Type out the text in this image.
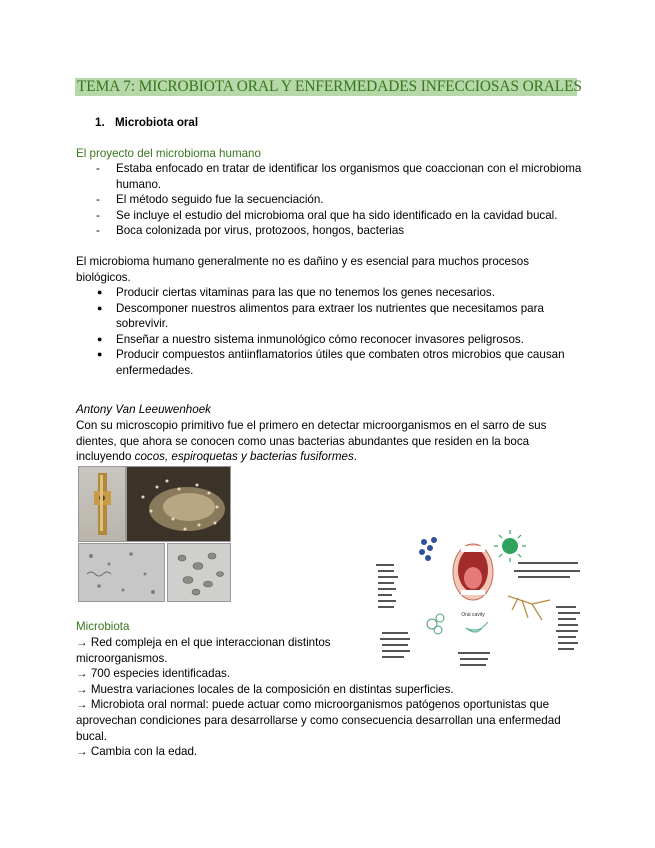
TEMA 7: MICROBIOTA ORAL Y ENFERMEDADES INFECCIOSAS ORALES
1. Microbiota oral
El proyecto del microbioma humano
- Estaba enfocado en tratar de identificar los organismos que coaccionan con el microbioma
humano.
- El método seguido fue la secuenciación.
- Se incluye el estudio del microbioma oral que ha sido identificado en la cavidad bucal.
- Boca colonizada por virus, protozoos, hongos, bacterias
El microbioma humano generalmente no es dañino y es esencial para muchos procesos
biológicos.
● Producir ciertas vitaminas para las que no tenemos los genes necesarios.
● Descomponer nuestros alimentos para extraer los nutrientes que necesitamos para
sobrevivir.
● Enseñar a nuestro sistema inmunológico cómo reconocer invasores peligrosos.
● Producir compuestos antiinflamatorios útiles que combaten otros microbios que causan
enfermedades.
Antony Van Leeuwenhoek
Con su microscopio primitivo fue el primero en detectar microorganismos en el sarro de sus
dientes, que ahora se conocen como unas bacterias abundantes que residen en la boca
incluyendo cocos, espiroquetas y bacterias fusiformes.
Oral cavity
Microbiota
→ Red compleja en el que interaccionan distintos
microorganismos.
→ 700 especies identificadas.
→ Muestra variaciones locales de la composición en distintas superficies.
→ Microbiota oral normal: puede actuar como microorganismos patógenos oportunistas que
aprovechan condiciones para desarrollarse y como consecuencia desarrollan una enfermedad
bucal.
→ Cambia con la edad.
